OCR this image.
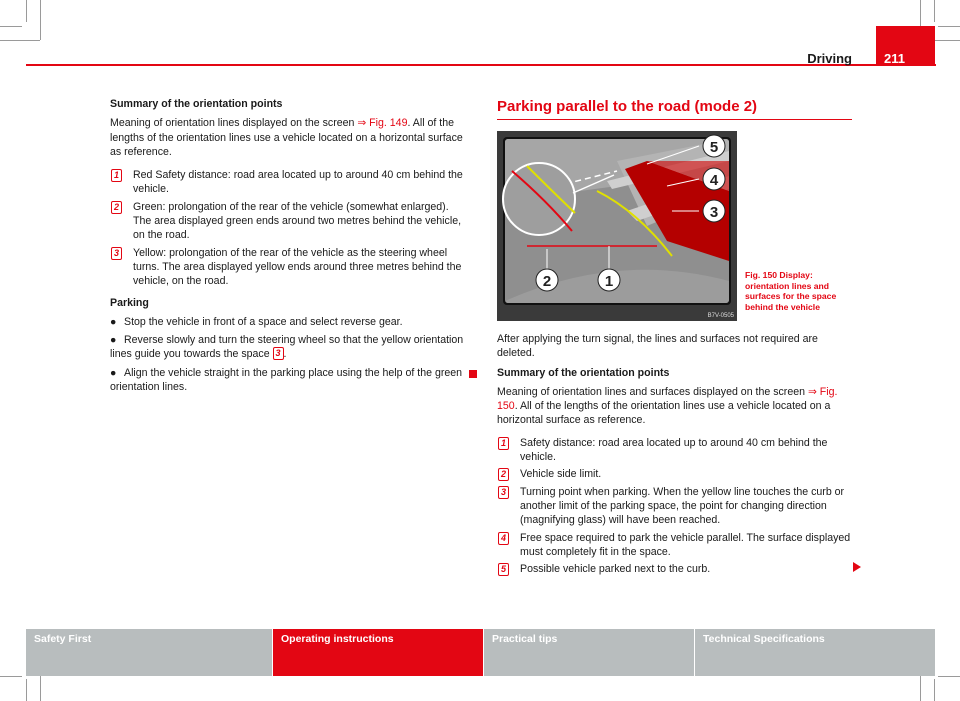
Driving 211

Summary of the orientation points

Meaning of orientation lines displayed on the screen ⇒ Fig. 149. All of the lengths of the orientation lines use a vehicle located on a horizontal surface as reference.

1 Red Safety distance: road area located up to around 40 cm behind the vehicle.
2 Green: prolongation of the rear of the vehicle (somewhat enlarged). The area displayed green ends around two metres behind the vehicle, on the road.
3 Yellow: prolongation of the rear of the vehicle as the steering wheel turns. The area displayed yellow ends around three metres behind the vehicle, on the road.

Parking

● Stop the vehicle in front of a space and select reverse gear.
● Reverse slowly and turn the steering wheel so that the yellow orientation lines guide you towards the space 3 .
● Align the vehicle straight in the parking place using the help of the green orientation lines.
Parking parallel to the road (mode 2)
5
4
3
2	1
B7V-0505
Fig. 150 Display: orientation lines and surfaces for the space behind the vehicle

After applying the turn signal, the lines and surfaces not required are deleted.

Summary of the orientation points

Meaning of orientation lines and surfaces displayed on the screen ⇒ Fig. 150. All of the lengths of the orientation lines use a vehicle located on a horizontal surface as reference.

1 Safety distance: road area located up to around 40 cm behind the vehicle.
2 Vehicle side limit.
3 Turning point when parking. When the yellow line touches the curb or another limit of the parking space, the point for changing direction (magnifying glass) will have been reached.
4 Free space required to park the vehicle parallel. The surface displayed must completely fit in the space.
5 Possible vehicle parked next to the curb.
Safety First	Operating instructions	Practical tips	Technical Specifications
